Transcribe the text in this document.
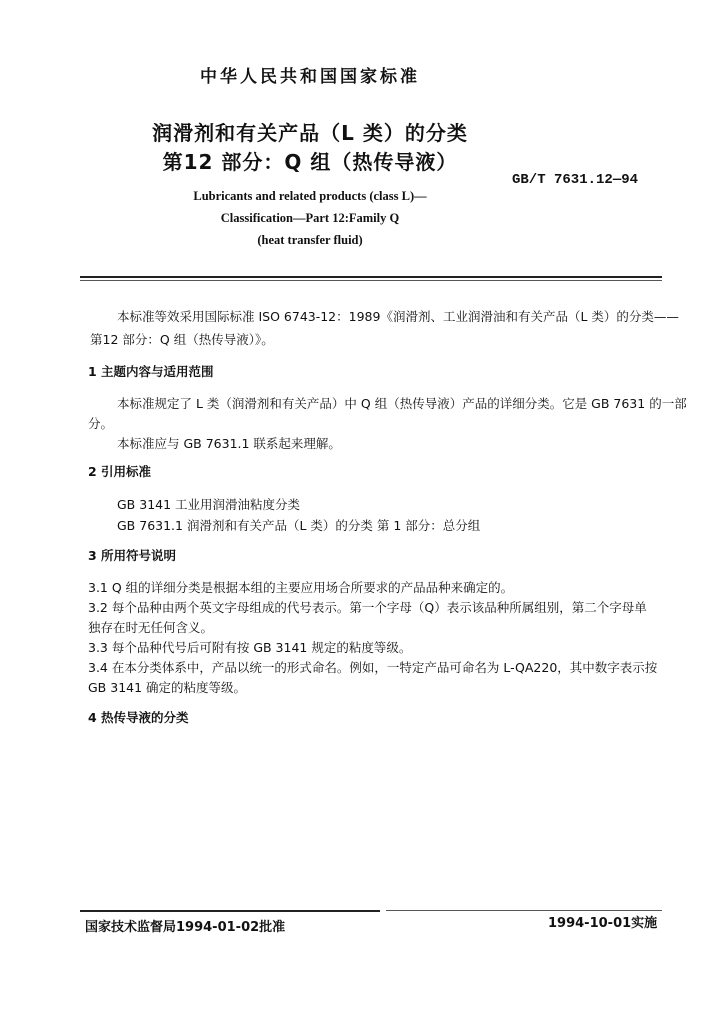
中华人民共和国国家标准
润滑剂和有关产品（L 类）的分类
第12 部分：Q 组（热传导液）
GB/T 7631.12—94
Lubricants and related products (class L)—
Classification—Part 12:Family Q
(heat transfer fluid)
本标准等效采用国际标准 ISO 6743-12：1989《润滑剂、工业润滑油和有关产品（L 类）的分类——
第12 部分：Q 组（热传导液）》。
1 主题内容与适用范围
本标准规定了 L 类（润滑剂和有关产品）中 Q 组（热传导液）产品的详细分类。它是 GB 7631 的一部
分。
本标准应与 GB 7631.1 联系起来理解。
2 引用标准
GB 3141 工业用润滑油粘度分类
GB 7631.1 润滑剂和有关产品（L 类）的分类 第 1 部分：总分组
3 所用符号说明
3.1 Q 组的详细分类是根据本组的主要应用场合所要求的产品品种来确定的。
3.2 每个品种由两个英文字母组成的代号表示。第一个字母（Q）表示该品种所属组别，第二个字母单
独存在时无任何含义。
3.3 每个品种代号后可附有按 GB 3141 规定的粘度等级。
3.4 在本分类体系中，产品以统一的形式命名。例如，一特定产品可命名为 L-QA220，其中数字表示按
GB 3141 确定的粘度等级。
4 热传导液的分类
国家技术监督局1994-01-02批准	1994-10-01实施
